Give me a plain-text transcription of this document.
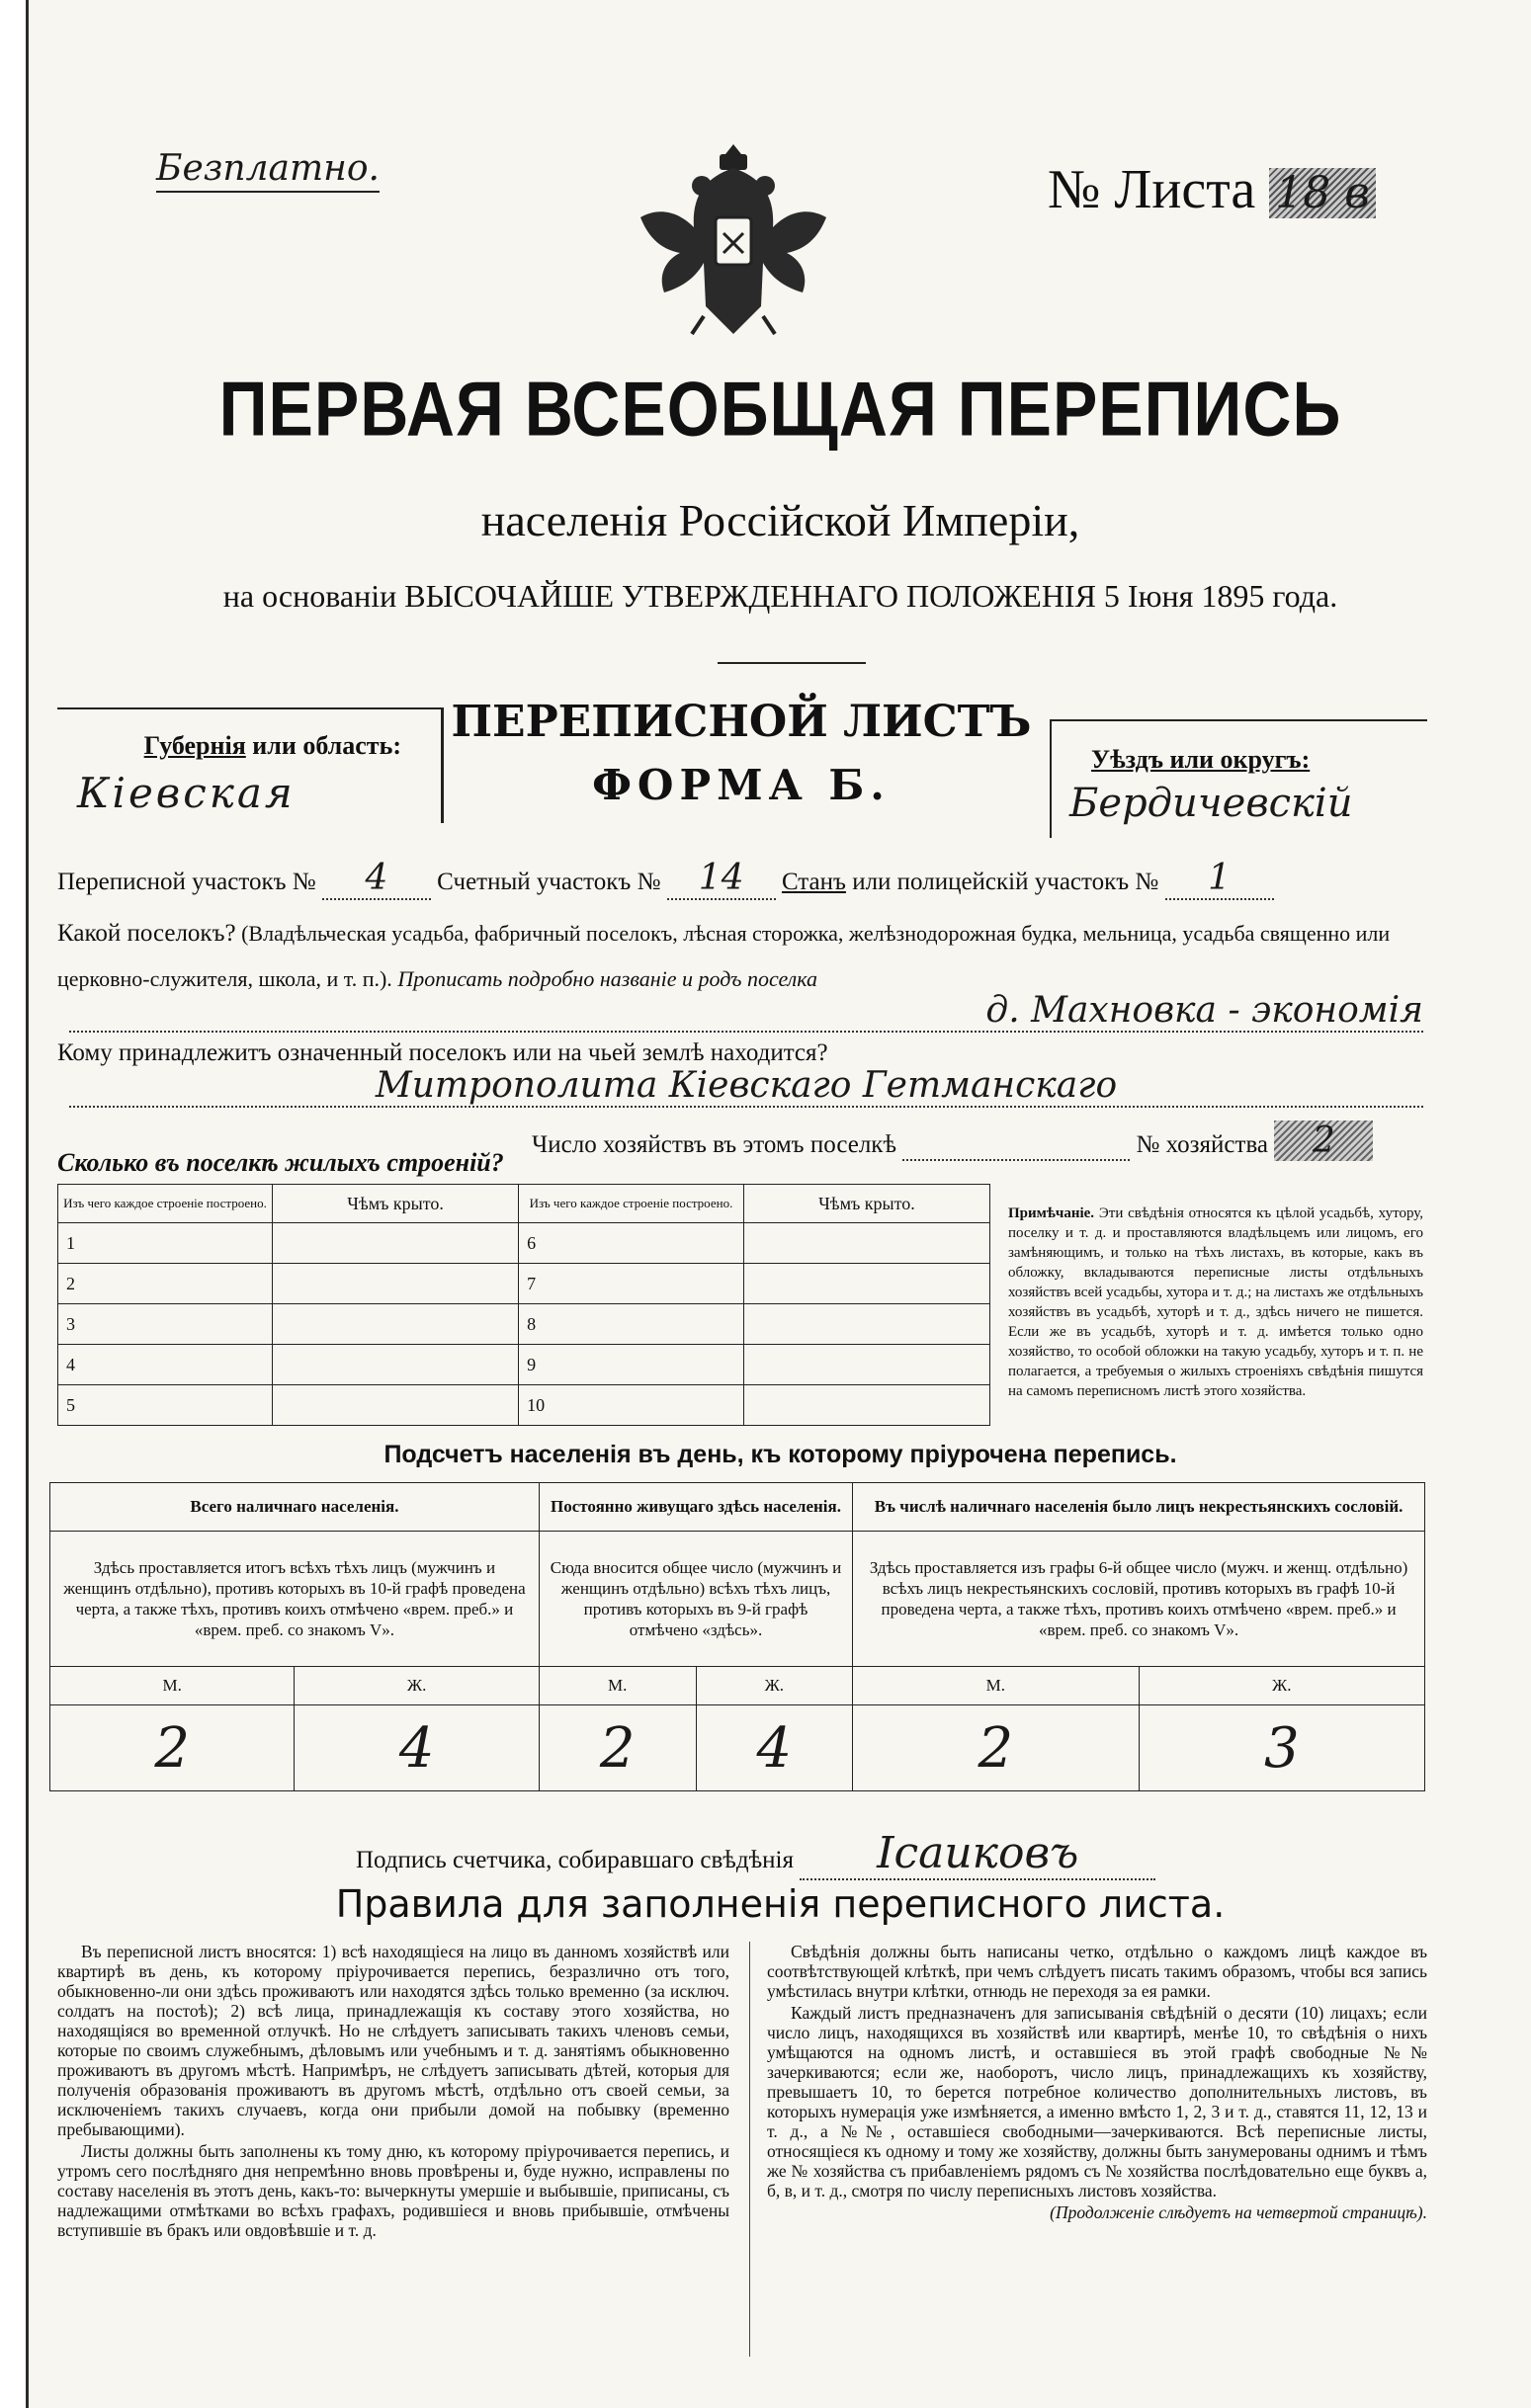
Безплатно.	№ Листа 18 в
ПЕРВАЯ ВСЕОБЩАЯ ПЕРЕПИСЬ
населенія Россійской Имперіи,
на основаніи ВЫСОЧАЙШЕ УТВЕРЖДЕННАГО ПОЛОЖЕНІЯ 5 Іюня 1895 года.
Губернія или область:
Кіевская
ПЕРЕПИСНОЙ ЛИСТЪ
ФОРМА Б.
Уѣздъ или округъ:
Бердичевскій
Переписной участокъ № 4 Счетный участокъ № 14 Станъ или полицейскій участокъ № 1
Какой поселокъ? (Владѣльческая усадьба, фабричный поселокъ, лѣсная сторожка, желѣзнодорожная будка, мельница, усадьба священно или церковно-служителя, школа, и т. п.). Прописать подробно названіе и родъ поселка
д. Махновка - экономія
Кому принадлежитъ означенный поселокъ или на чьей землѣ находится?
Митрополита Кіевскаго Гетманскаго
Число хозяйствъ въ этомъ поселкѣ	№ хозяйства 2
Сколько въ поселкѣ жилыхъ строеній?
Изъ чего каждое строеніе построено.	Чѣмъ крыто.	Изъ чего каждое строеніе построено.	Чѣмъ крыто.
1		6	
2		7	
3		8	
4		9	
5		10	
Примѣчаніе. Эти свѣдѣнія относятся къ цѣлой усадьбѣ, хутору, поселку и т. д. и проставляются владѣльцемъ или лицомъ, его замѣняющимъ, и только на тѣхъ листахъ, въ которые, какъ въ обложку, вкладываются переписные листы отдѣльныхъ хозяйствъ всей усадьбы, хутора и т. д.; на листахъ же отдѣльныхъ хозяйствъ въ усадьбѣ, хуторѣ и т. д., здѣсь ничего не пишется. Если же въ усадьбѣ, хуторѣ и т. д. имѣется только одно хозяйство, то особой обложки на такую усадьбу, хуторъ и т. п. не полагается, а требуемыя о жилыхъ строеніяхъ свѣдѣнія пишутся на самомъ переписномъ листѣ этого хозяйства.
Подсчетъ населенія въ день, къ которому пріурочена перепись.
Всего наличнаго населенія.		Постоянно живущаго здѣсь населенія.		Въ числѣ наличнаго населенія было лицъ некрестьянскихъ сословій.	
Здѣсь проставляется итогъ всѣхъ тѣхъ лицъ (мужчинъ и женщинъ отдѣльно), противъ которыхъ въ 10-й графѣ проведена черта, а также тѣхъ, противъ коихъ отмѣчено «врем. преб.» и «врем. преб. со знакомъ V».		Сюда вносится общее число (мужчинъ и женщинъ отдѣльно) всѣхъ тѣхъ лицъ, противъ которыхъ въ 9-й графѣ отмѣчено «здѣсь».		Здѣсь проставляется изъ графы 6-й общее число (мужч. и женщ. отдѣльно) всѣхъ лицъ некрестьянскихъ сословій, противъ которыхъ въ графѣ 10-й проведена черта, а также тѣхъ, противъ коихъ отмѣчено «врем. преб.» и «врем. преб. со знакомъ V».	
М.	Ж.	М.	Ж.	М.	Ж.
2	4	2	4	2	3
Подпись счетчика, собиравшаго свѣдѣнія Ісаиковъ
Правила для заполненія переписного листа.

Въ переписной листъ вносятся: 1) всѣ находящіеся на лицо въ данномъ хозяйствѣ или квартирѣ въ день, къ которому пріурочивается перепись, безразлично отъ того, обыкновенно-ли они здѣсь проживаютъ или находятся здѣсь только временно (за исключ. солдатъ на постоѣ); 2) всѣ лица, принадлежащія къ составу этого хозяйства, но находящіяся во временной отлучкѣ. Но не слѣдуетъ записывать такихъ членовъ семьи, которые по своимъ служебнымъ, дѣловымъ или учебнымъ и т. д. занятіямъ обыкновенно проживаютъ въ другомъ мѣстѣ. Напримѣръ, не слѣдуетъ записывать дѣтей, которыя для полученія образованія проживаютъ въ другомъ мѣстѣ, отдѣльно отъ своей семьи, за исключеніемъ такихъ случаевъ, когда они прибыли домой на побывку (временно пребывающими).

Листы должны быть заполнены къ тому дню, къ которому пріурочивается перепись, и утромъ сего послѣдняго дня непремѣнно вновь провѣрены и, буде нужно, исправлены по составу населенія въ этотъ день, какъ-то: вычеркнуты умершіе и выбывшіе, приписаны, съ надлежащими отмѣтками во всѣхъ графахъ, родившіеся и вновь прибывшіе, отмѣчены вступившіе въ бракъ или овдовѣвшіе и т. д.

Свѣдѣнія должны быть написаны четко, отдѣльно о каждомъ лицѣ каждое въ соотвѣтствующей клѣткѣ, при чемъ слѣдуетъ писать такимъ образомъ, чтобы вся запись умѣстилась внутри клѣтки, отнюдь не переходя за ея рамки.

Каждый листъ предназначенъ для записыванія свѣдѣній о десяти (10) лицахъ; если число лицъ, находящихся въ хозяйствѣ или квартирѣ, менѣе 10, то свѣдѣнія о нихъ умѣщаются на одномъ листѣ, и оставшіеся въ этой графѣ свободные №№ зачеркиваются; если же, наоборотъ, число лицъ, принадлежащихъ къ хозяйству, превышаетъ 10, то берется потребное количество дополнительныхъ листовъ, въ которыхъ нумерація уже измѣняется, а именно вмѣсто 1, 2, 3 и т. д., ставятся 11, 12, 13 и т. д., а №№, оставшіеся свободными—зачеркиваются. Всѣ переписные листы, относящіеся къ одному и тому же хозяйству, должны быть занумерованы однимъ и тѣмъ же № хозяйства съ прибавленіемъ рядомъ съ № хозяйства послѣдовательно еще буквъ а, б, в, и т. д., смотря по числу переписныхъ листовъ хозяйства.

(Продолженіе слѣдуетъ на четвертой страницѣ).
